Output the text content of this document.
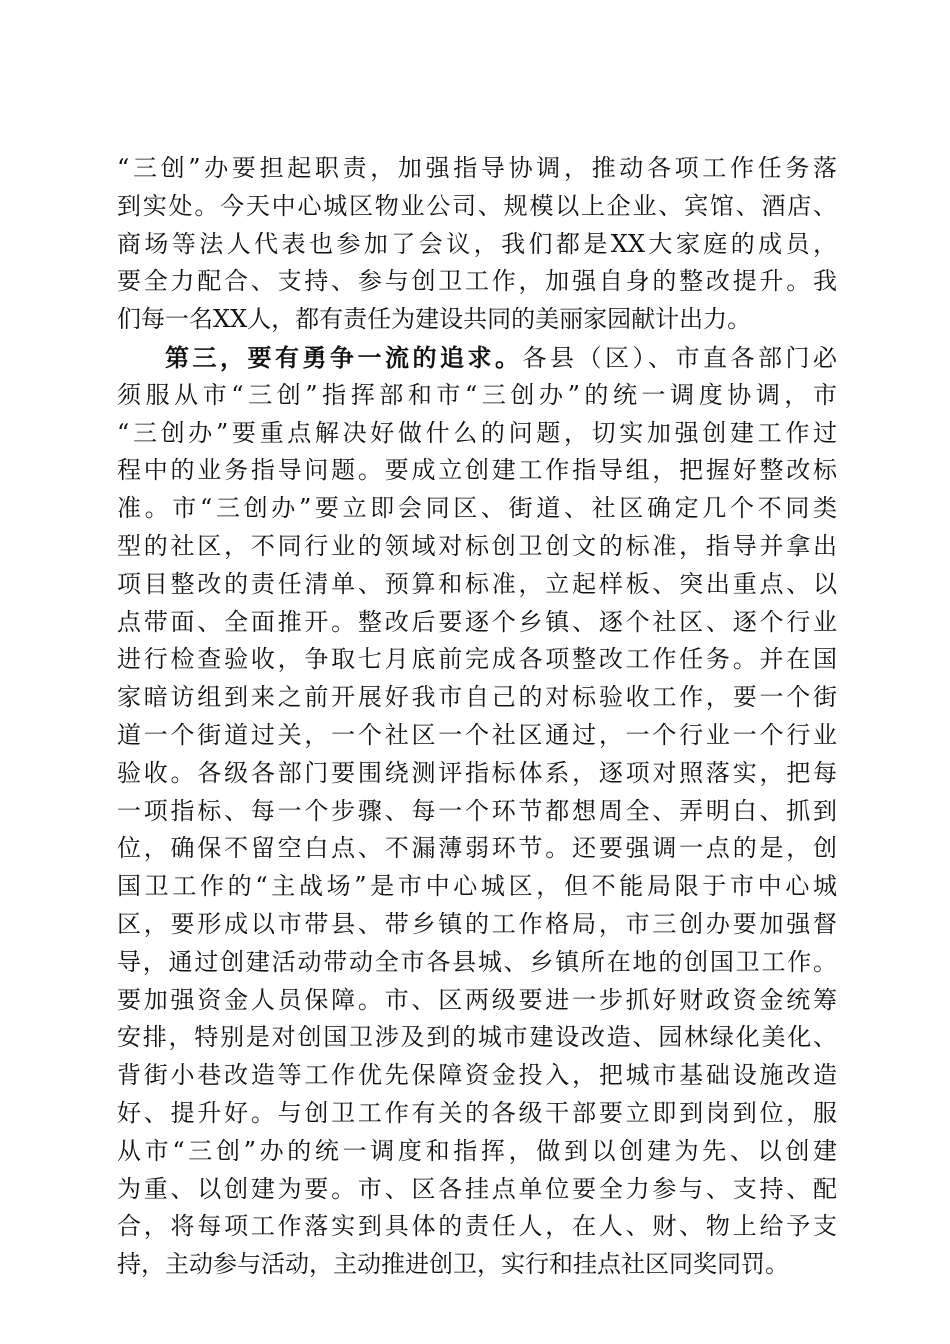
“三创”办要担起职责，加强指导协调，推动各项工作任务落
到实处。今天中心城区物业公司、规模以上企业、宾馆、酒店、
商场等法人代表也参加了会议，我们都是XX大家庭的成员，
要全力配合、支持、参与创卫工作，加强自身的整改提升。我
们每一名XX人，都有责任为建设共同的美丽家园献计出力。
第三，要有勇争一流的追求。各县（区）、市直各部门必
须服从市“三创”指挥部和市“三创办”的统一调度协调，市
“三创办”要重点解决好做什么的问题，切实加强创建工作过
程中的业务指导问题。要成立创建工作指导组，把握好整改标
准。市“三创办”要立即会同区、街道、社区确定几个不同类
型的社区，不同行业的领域对标创卫创文的标准，指导并拿出
项目整改的责任清单、预算和标准，立起样板、突出重点、以
点带面、全面推开。整改后要逐个乡镇、逐个社区、逐个行业
进行检查验收，争取七月底前完成各项整改工作任务。并在国
家暗访组到来之前开展好我市自己的对标验收工作，要一个街
道一个街道过关，一个社区一个社区通过，一个行业一个行业
验收。各级各部门要围绕测评指标体系，逐项对照落实，把每
一项指标、每一个步骤、每一个环节都想周全、弄明白、抓到
位，确保不留空白点、不漏薄弱环节。还要强调一点的是，创
国卫工作的“主战场”是市中心城区，但不能局限于市中心城
区，要形成以市带县、带乡镇的工作格局，市三创办要加强督
导，通过创建活动带动全市各县城、乡镇所在地的创国卫工作。
要加强资金人员保障。市、区两级要进一步抓好财政资金统筹
安排，特别是对创国卫涉及到的城市建设改造、园林绿化美化、
背街小巷改造等工作优先保障资金投入，把城市基础设施改造
好、提升好。与创卫工作有关的各级干部要立即到岗到位，服
从市“三创”办的统一调度和指挥，做到以创建为先、以创建
为重、以创建为要。市、区各挂点单位要全力参与、支持、配
合，将每项工作落实到具体的责任人，在人、财、物上给予支
持，主动参与活动，主动推进创卫，实行和挂点社区同奖同罚。
